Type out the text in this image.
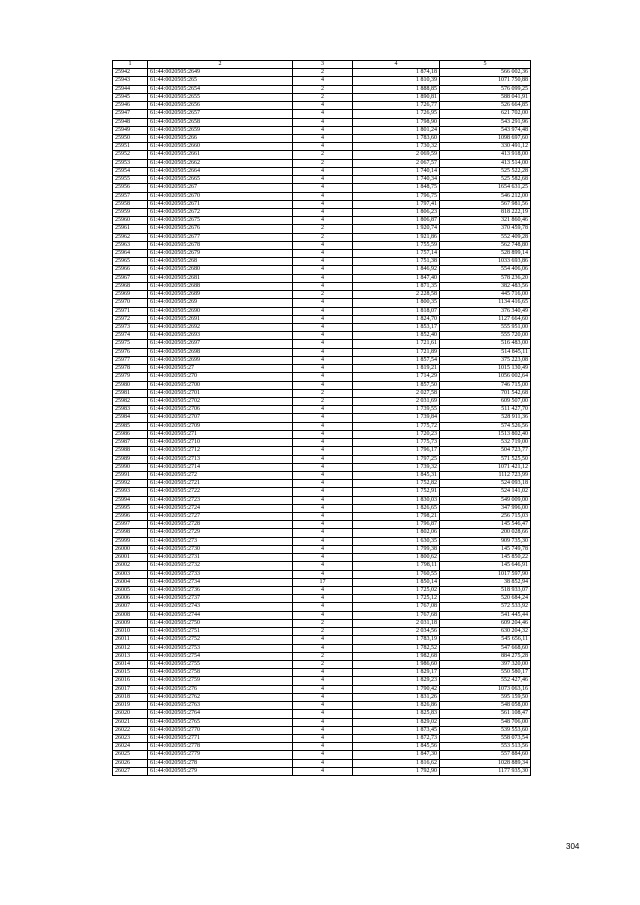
1	2	3	4	5
25942	61:44:0020505:2649	2	1 874,18	566 002,36
25943	61:44:0020505:265	4	1 810,39	1071 750,88
25944	61:44:0020505:2654	2	1 888,85	576 099,25
25945	61:44:0020505:2655	2	1 890,81	588 041,91
25946	61:44:0020505:2656	4	1 726,77	526 664,85
25947	61:44:0020505:2657	4	1 726,95	621 702,00
25948	61:44:0020505:2658	4	1 798,90	543 291,96
25949	61:44:0020505:2659	4	1 801,24	543 974,48
25950	61:44:0020505:266	4	1 783,60	1098 697,60
25951	61:44:0020505:2660	4	1 730,32	330 491,12
25952	61:44:0020505:2661	2	2 069,59	413 918,00
25953	61:44:0020505:2662	2	2 067,57	413 514,00
25954	61:44:0020505:2664	4	1 740,14	525 522,28
25955	61:44:0020505:2665	4	1 740,34	525 582,68
25956	61:44:0020505:267	4	1 848,75	1654 631,25
25957	61:44:0020505:2670	4	1 796,75	546 212,00
25958	61:44:0020505:2671	4	1 797,41	567 981,56
25959	61:44:0020505:2672	4	1 806,23	818 222,19
25960	61:44:0020505:2675	4	1 806,87	321 860,46
25961	61:44:0020505:2676	2	1 920,74	370 459,78
25962	61:44:0020505:2677	2	1 921,86	552 409,28
25963	61:44:0020505:2678	4	1 755,59	562 748,80
25964	61:44:0020505:2679	4	1 757,14	528 899,14
25965	61:44:0020505:268	4	1 751,38	1033 693,86
25966	61:44:0020505:2680	4	1 846,92	554 406,06
25967	61:44:0020505:2681	4	1 847,40	578 236,20
25968	61:44:0020505:2688	4	1 871,35	382 483,56
25969	61:44:0020505:2689	2	2 228,58	445 716,00
25970	61:44:0020505:269	4	1 800,35	1134 416,65
25971	61:44:0020505:2690	4	1 818,07	376 340,49
25972	61:44:0020505:2691	4	1 824,70	1127 664,60
25973	61:44:0020505:2692	4	1 853,17	555 951,00
25974	61:44:0020505:2693	4	1 852,40	555 720,00
25975	61:44:0020505:2697	4	1 721,61	516 483,00
25976	61:44:0020505:2698	4	1 721,89	514 845,11
25977	61:44:0020505:2699	4	1 857,54	375 223,08
25978	61:44:0020505:27	4	1 819,21	1015 130,49
25979	61:44:0020505:270	4	1 714,29	1056 002,64
25980	61:44:0020505:2700	4	1 857,50	746 715,00
25981	61:44:0020505:2701	2	2 027,58	701 542,68
25982	61:44:0020505:2702	2	2 031,69	609 507,00
25983	61:44:0020505:2706	4	1 739,55	511 427,70
25984	61:44:0020505:2707	4	1 739,84	528 911,36
25985	61:44:0020505:2709	4	1 775,72	574 526,56
25986	61:44:0020505:271	4	1 720,23	1513 802,40
25987	61:44:0020505:2710	4	1 775,73	532 719,00
25988	61:44:0020505:2712	4	1 796,17	504 723,77
25989	61:44:0020505:2713	4	1 797,25	571 525,50
25990	61:44:0020505:2714	4	1 739,32	1071 421,12
25991	61:44:0020505:272	4	1 845,31	1112 723,99
25992	61:44:0020505:2721	4	1 752,82	524 093,18
25993	61:44:0020505:2722	4	1 752,91	524 141,02
25994	61:44:0020505:2723	4	1 830,03	549 009,00
25995	61:44:0020505:2724	4	1 826,65	347 996,00
25996	61:44:0020505:2727	4	1 798,21	256 715,03
25997	61:44:0020505:2728	4	1 796,87	145 546,47
25998	61:44:0020505:2729	4	1 802,06	200 028,66
25999	61:44:0020505:273	4	1 630,35	909 735,30
26000	61:44:0020505:2730	4	1 799,38	145 749,78
26001	61:44:0020505:2731	4	1 800,62	145 850,22
26002	61:44:0020505:2732	4	1 798,11	145 646,91
26003	61:44:0020505:2733	4	1 760,55	1017 597,90
26004	61:44:0020505:2734	17	1 850,14	38 852,94
26005	61:44:0020505:2736	4	1 725,02	518 933,07
26006	61:44:0020505:2737	4	1 725,12	520 684,24
26007	61:44:0020505:2743	4	1 767,08	572 533,92
26008	61:44:0020505:2744	4	1 767,68	541 445,44
26009	61:44:0020505:2750	2	2 031,18	609 204,46
26010	61:44:0020505:2751	2	2 034,56	630 204,32
26011	61:44:0020505:2752	4	1 783,19	545 656,11
26012	61:44:0020505:2753	4	1 782,52	547 668,60
26013	61:44:0020505:2754	2	1 982,68	884 275,28
26014	61:44:0020505:2755	2	1 986,60	397 320,00
26015	61:44:0020505:2758	4	1 829,17	550 580,17
26016	61:44:0020505:2759	4	1 829,23	552 427,46
26017	61:44:0020505:276	4	1 790,42	1073 063,16
26018	61:44:0020505:2762	4	1 831,26	595 159,50
26019	61:44:0020505:2763	4	1 826,86	548 058,00
26020	61:44:0020505:2764	4	1 825,83	561 108,47
26021	61:44:0020505:2765	4	1 829,02	548 706,00
26022	61:44:0020505:2770	4	1 873,45	539 553,60
26023	61:44:0020505:2771	4	1 872,73	558 073,54
26024	61:44:0020505:2778	4	1 845,56	553 513,56
26025	61:44:0020505:2779	4	1 847,30	557 884,60
26026	61:44:0020505:278	4	1 816,62	1028 889,34
26027	61:44:0020505:279	4	1 792,90	1177 935,30
304
